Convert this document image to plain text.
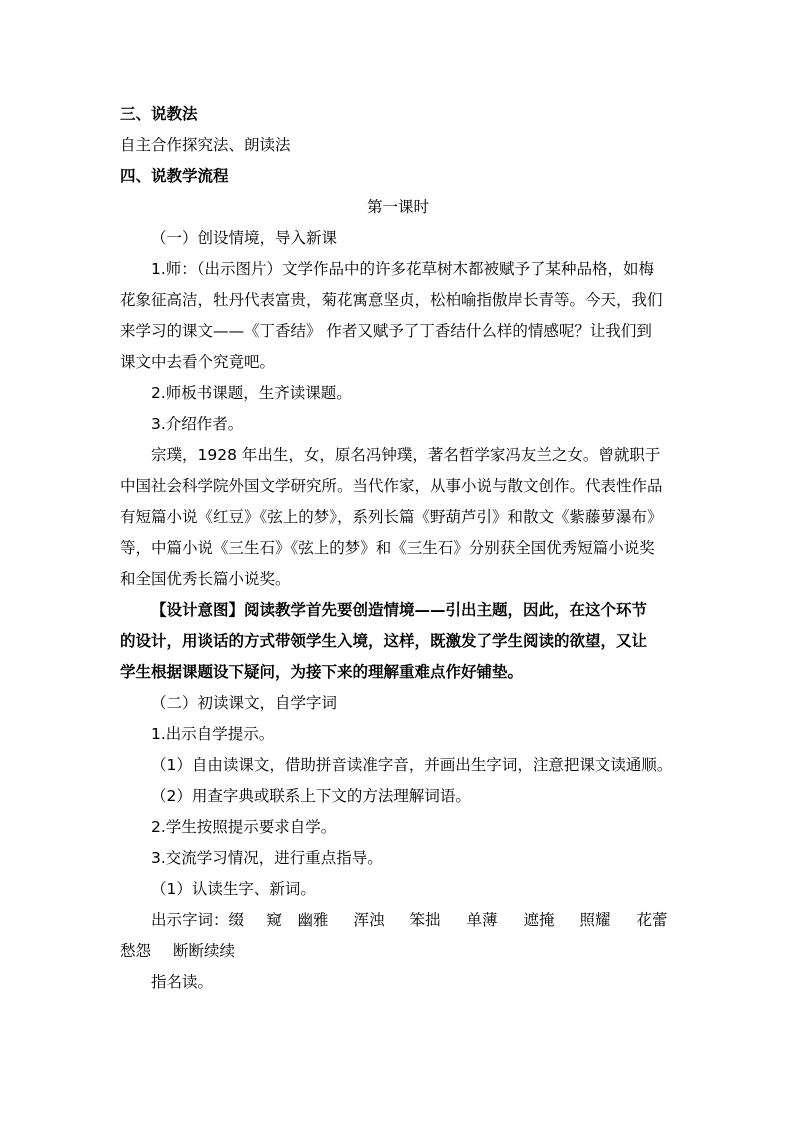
三、说教法
自主合作探究法、朗读法
四、说教学流程
第一课时
（一）创设情境，导入新课
1.师：（出示图片）文学作品中的许多花草树木都被赋予了某种品格，如梅
花象征高洁，牡丹代表富贵，菊花寓意坚贞，松柏喻指傲岸长青等。今天，我们
来学习的课文——《丁香结》 作者又赋予了丁香结什么样的情感呢？让我们到
课文中去看个究竟吧。
2.师板书课题，生齐读课题。
3.介绍作者。
宗璞，1928 年出生，女，原名冯钟璞，著名哲学家冯友兰之女。曾就职于
中国社会科学院外国文学研究所。当代作家，从事小说与散文创作。代表性作品
有短篇小说《红豆》《弦上的梦》，系列长篇《野葫芦引》和散文《紫藤萝瀑布》
等，中篇小说《三生石》《弦上的梦》和《三生石》分别获全国优秀短篇小说奖
和全国优秀长篇小说奖。
【设计意图】阅读教学首先要创造情境——引出主题，因此，在这个环节
的设计，用谈话的方式带领学生入境，这样，既激发了学生阅读的欲望，又让
学生根据课题设下疑问，为接下来的理解重难点作好铺垫。
（二）初读课文，自学字词
1.出示自学提示。
（1）自由读课文，借助拼音读准字音，并画出生字词，注意把课文读通顺。
（2）用查字典或联系上下文的方法理解词语。
2.学生按照提示要求自学。
3.交流学习情况，进行重点指导。
（1）认读生字、新词。
出示字词： 缀	窥 幽雅	浑浊	笨拙	单薄	遮掩	照耀	花蕾
愁怨	断断续续
指名读。
